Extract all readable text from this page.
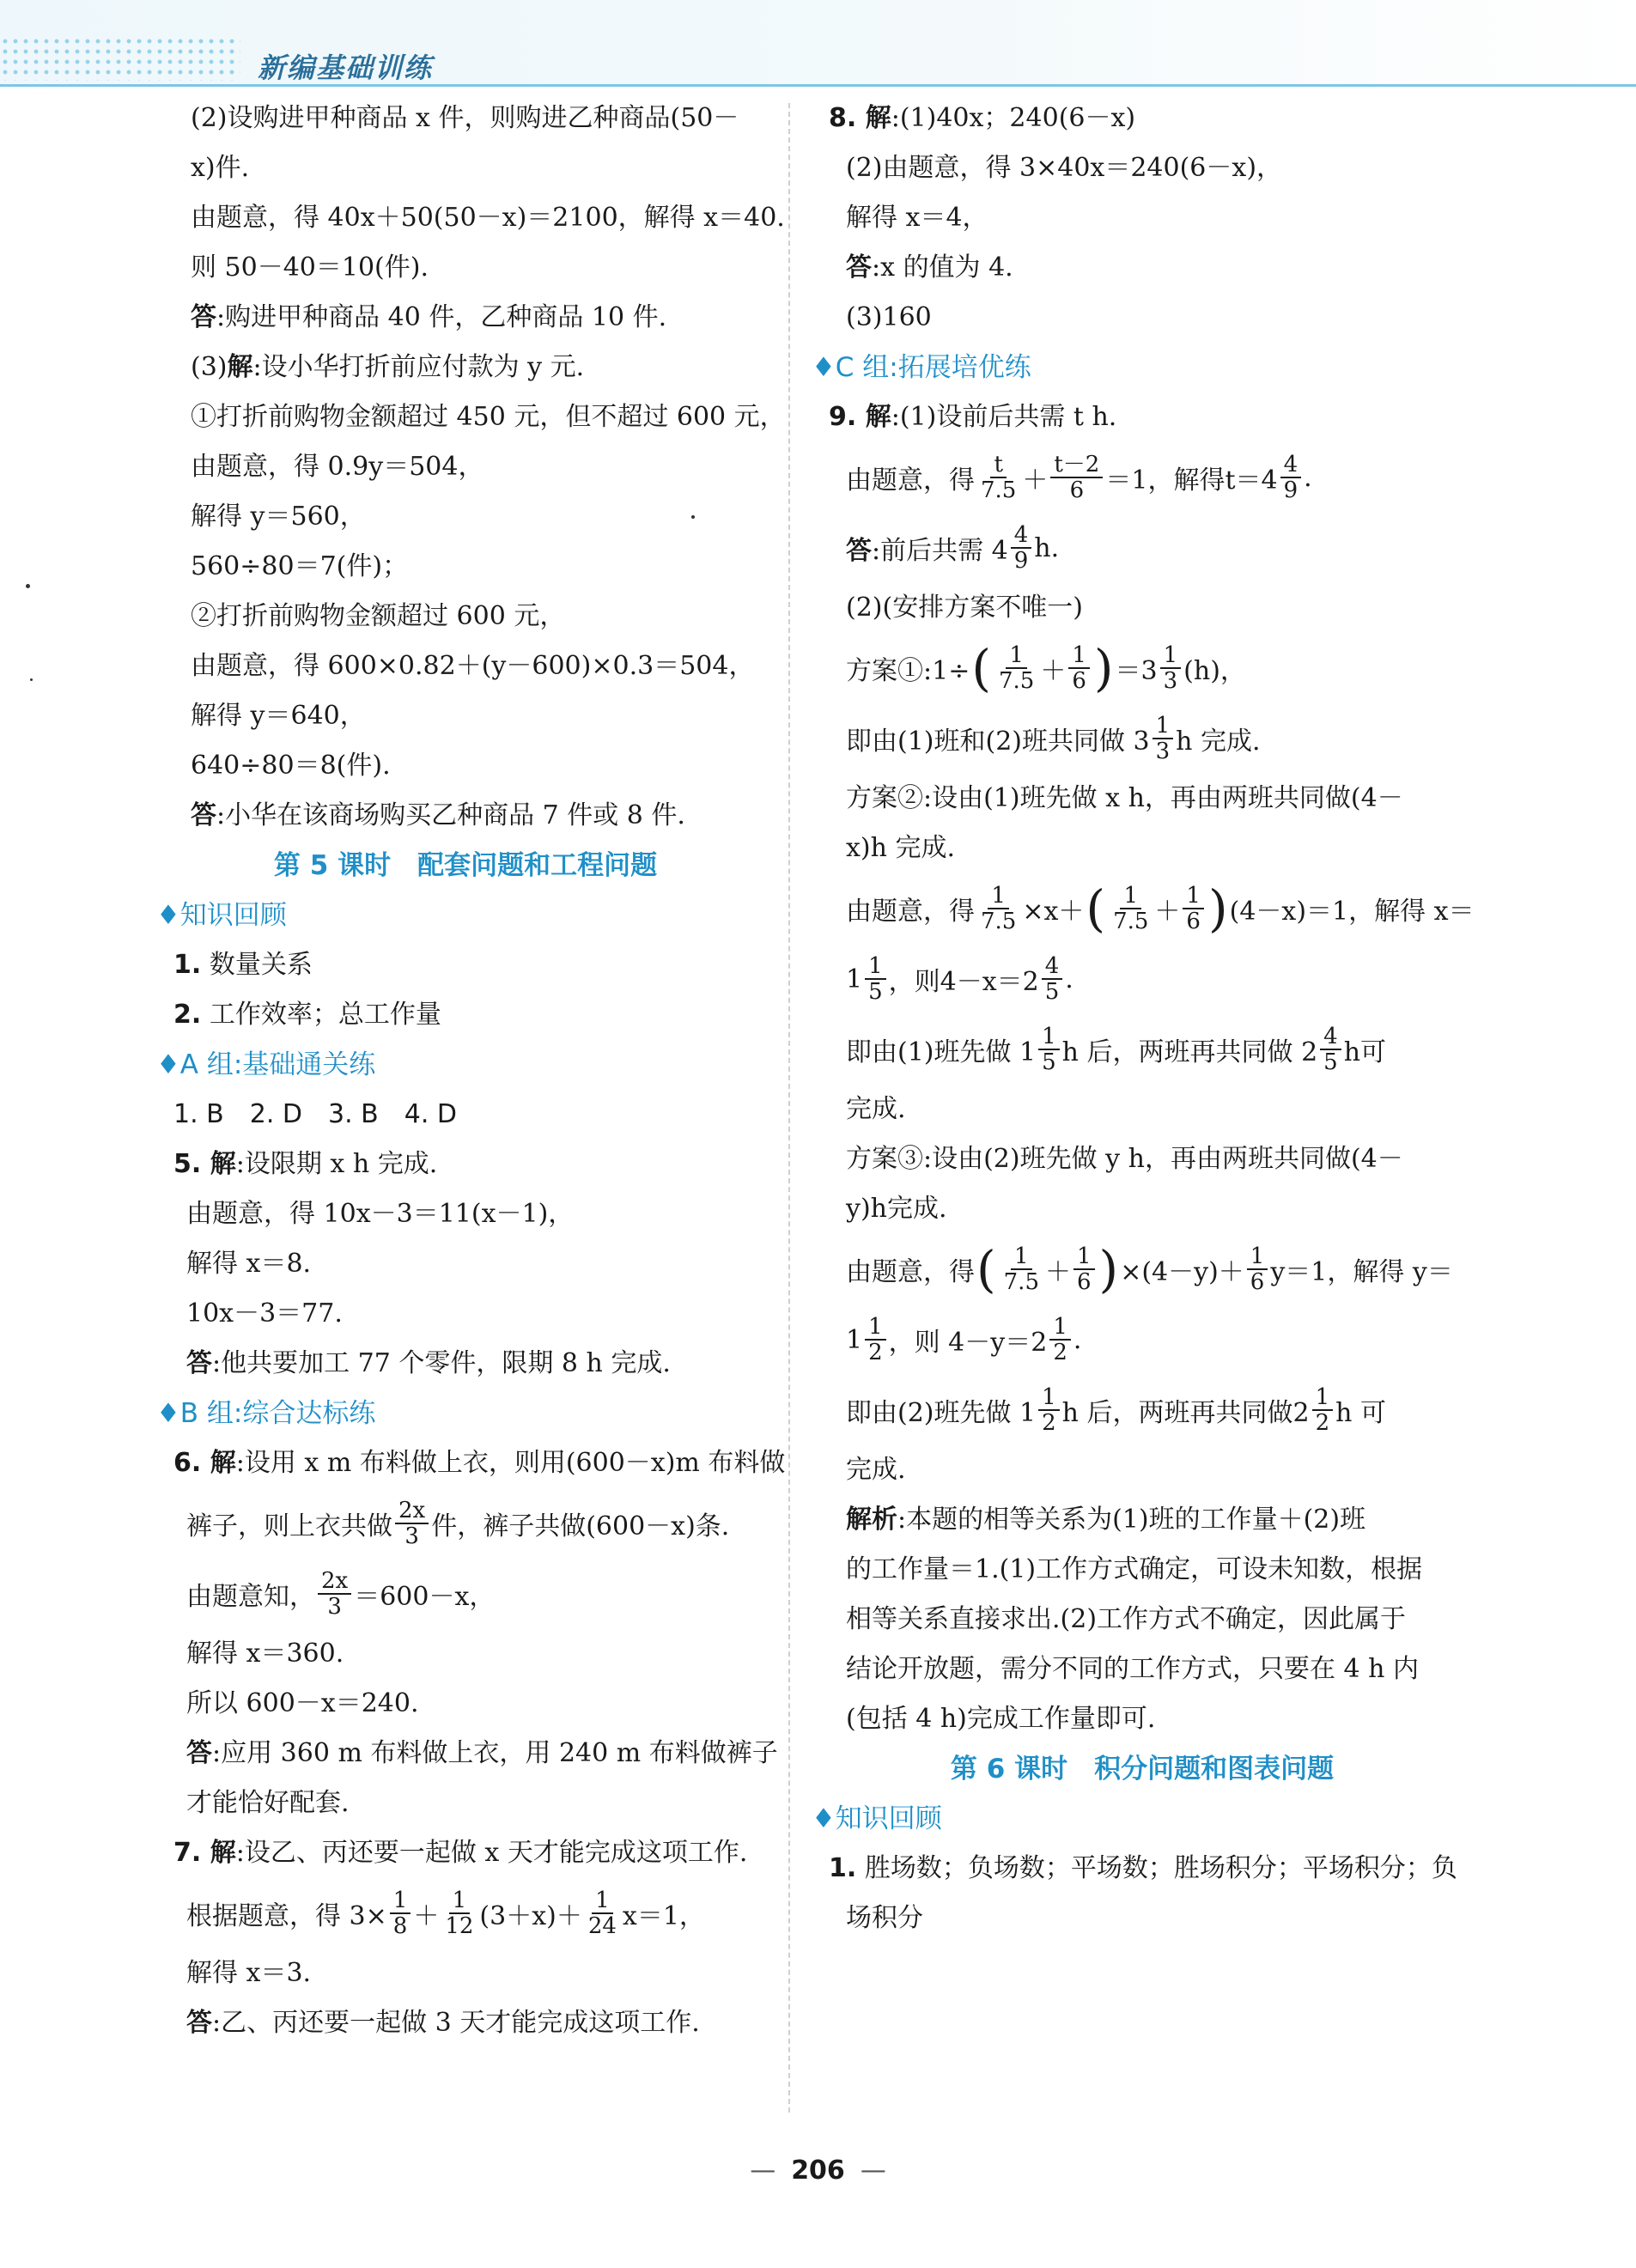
新编基础训练
(2)设购进甲种商品 x 件，则购进乙种商品(50－
x)件.
由题意，得 40x＋50(50－x)＝2100，解得 x＝40.
则 50－40＝10(件).
答:购进甲种商品 40 件，乙种商品 10 件.
(3)解:设小华打折前应付款为 y 元.
①打折前购物金额超过 450 元，但不超过 600 元，
由题意，得 0.9y＝504，
解得 y＝560，
560÷80＝7(件)；
②打折前购物金额超过 600 元，
由题意，得 600×0.82＋(y－600)×0.3＝504，
解得 y＝640，
640÷80＝8(件).
答:小华在该商场购买乙种商品 7 件或 8 件.
第 5 课时　配套问题和工程问题
♦知识回顾
1. 数量关系
2. 工作效率；总工作量
♦A 组:基础通关练
1. B　2. D　3. B　4. D
5. 解:设限期 x h 完成.
由题意，得 10x－3＝11(x－1)，
解得 x＝8.
10x－3＝77.
答:他共要加工 77 个零件，限期 8 h 完成.
♦B 组:综合达标练
6. 解:设用 x m 布料做上衣，则用(600－x)m 布料做
裤子，则上衣共做 $\frac{2x}{3}$ 件，裤子共做(600－x)条.
由题意知， $\frac{2x}{3} =600-x$，
解得 x＝360.
所以 600－x＝240.
答:应用 360 m 布料做上衣，用 240 m 布料做裤子
才能恰好配套.
7. 解:设乙、丙还要一起做 x 天才能完成这项工作.
根据题意，得 $3\times \frac{1}{8} + \frac{1}{12} (3+x)+ \frac{1}{24} x=1$，
解得 x＝3.
答:乙、丙还要一起做 3 天才能完成这项工作.
8. 解:(1)40x；240(6－x)
(2)由题意，得 3×40x＝240(6－x)，
解得 x＝4，
答:x 的值为 4.
(3)160
♦C 组:拓展培优练
9. 解:(1)设前后共需 t h.
由题意，得 $\frac{t}{7.5} + \frac{t-2}{6} =1$，解得$t=4 \frac{4}{9}$ .
答 :前后共需 $4 \frac{4}{9} h$.
(2)(安排方案不唯一)
方案①:1÷ ( $\frac{1}{7.5} + \frac{1}{6}$ ) $=3 \frac{1}{3} (h)$，
即由(1)班和(2)班共同做 $3 \frac{1}{3}$ h 完成.
方案②:设由(1)班先做 x h，再由两班共同做(4－
x)h 完成.
由题意，得 $\frac{1}{7.5} \times x+$ ( $\frac{1}{7.5} + \frac{1}{6}$ ) (4－x)＝1，解得 x＝
$1 \frac{1}{5}$ ，则$4-x=2 \frac{4}{5}$ .
即由(1)班先做 $1 \frac{1}{5}$ h 后，两班再共同做 $2 \frac{4}{5}$ h可
完成.
方案③:设由(2)班先做 y h，再由两班共同做(4－
y)h完成.
由题意，得 ( $\frac{1}{7.5} + \frac{1}{6}$ ) $\times(4-y)+ \frac{1}{6} y=1$，解得 y＝
$1 \frac{1}{2}$ ，则 $4-y=2 \frac{1}{2}$ .
即由(2)班先做 $1 \frac{1}{2}$ h 后，两班再共同做$2 \frac{1}{2}$ h 可
完成.
解析:本题的相等关系为(1)班的工作量＋(2)班
的工作量＝1.(1)工作方式确定，可设未知数，根据
相等关系直接求出.(2)工作方式不确定，因此属于
结论开放题，需分不同的工作方式，只要在 4 h 内
(包括 4 h)完成工作量即可.
第 6 课时　积分问题和图表问题
♦知识回顾
1. 胜场数；负场数；平场数；胜场积分；平场积分；负
场积分
— 206 —
